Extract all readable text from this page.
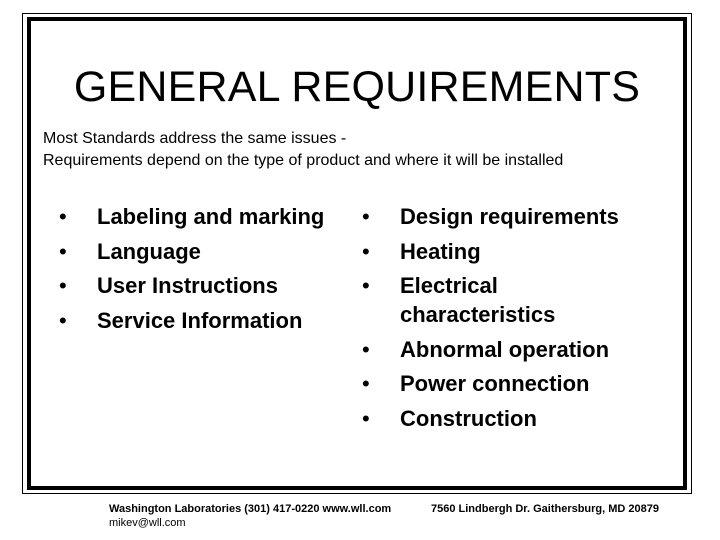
GENERAL REQUIREMENTS

Most Standards address the same issues -
Requirements depend on the type of product and where it will be installed

• Labeling and marking
• Language
• User Instructions
• Service Information
• Design requirements
• Heating
• Electrical characteristics
• Abnormal operation
• Power connection
• Construction

Washington Laboratories (301) 417-0220 www.wll.com	7560 Lindbergh Dr. Gaithersburg, MD 20879

mikev@wll.com
